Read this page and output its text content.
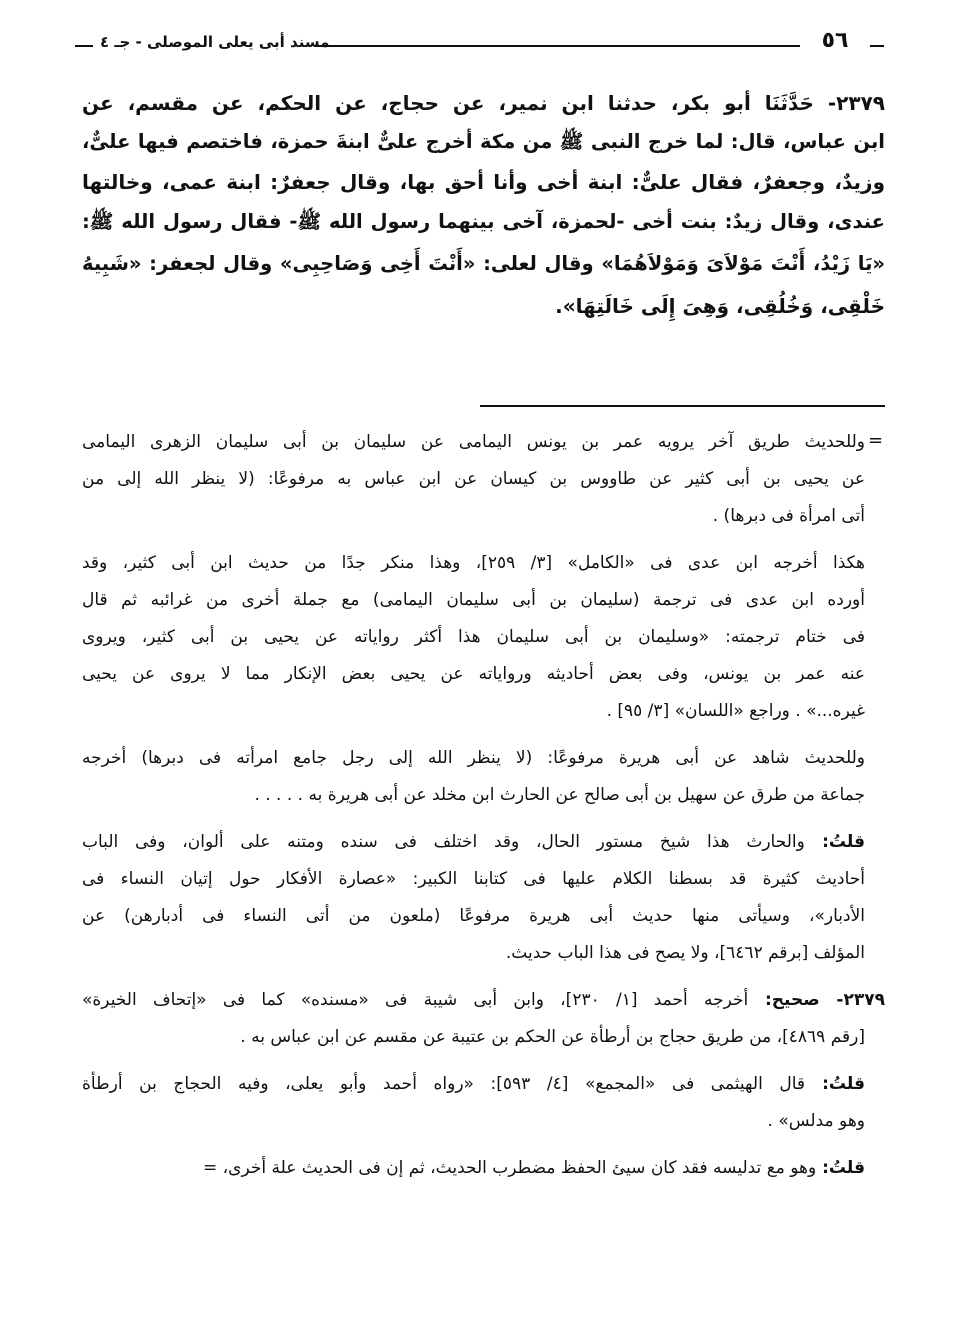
٥٦
مسند أبى يعلى الموصلى - جـ ٤
٢٣٧٩- حَدَّثَنَا أبو بكر، حدثنا ابن نمير، عن حجاج، عن الحكم، عن مقسم، عن
ابن عباس، قال: لما خرج النبى ﷺ من مكة أخرج علىٌّ ابنةَ حمزة، فاختصم فيها علىٌّ،
وزيدٌ، وجعفرٌ، فقال علىٌّ: ابنة أخى وأنا أحق بها، وقال جعفرٌ: ابنة عمى، وخالتها
عندى، وقال زيدٌ: بنت أخى -لحمزة، آخى بينهما رسول الله ﷺ- فقال رسول الله ﷺ:
«يَا زَيْدُ، أَنْتَ مَوْلاَىَ وَمَوْلاَهُمَا» وقال لعلى: «أَنْتَ أَخِى وَصَاحِبِى» وقال لجعفر: «شَبِيهُ
خَلْقِى، وَخُلُقِى، وَهِىَ إِلَى خَالَتِهَا».
وللحديث طريق آخر يرويه عمر بن يونس اليمامى عن سليمان بن أبى سليمان الزهرى اليمامى =
عن يحيى بن أبى كثير عن طاووس بن كيسان عن ابن عباس به مرفوعًا: (لا ينظر الله إلى من
أتى امرأة فى دبرها) .
هكذا أخرجه ابن عدى فى «الكامل» [٣/ ٢٥٩]، وهذا منكر جدًا من حديث ابن أبى كثير، وقد
أورده ابن عدى فى ترجمة (سليمان بن أبى سليمان اليمامى) مع جملة أخرى من غرائبه ثم قال
فى ختام ترجمته: «وسليمان بن أبى سليمان هذا أكثر رواياته عن يحيى بن أبى كثير، ويروى
عنه عمر بن يونس، وفى بعض أحاديثه ورواياته عن يحيى بعض الإنكار مما لا يروى عن يحيى
غيره...» . وراجع «اللسان» [٣/ ٩٥] .
وللحديث شاهد عن أبى هريرة مرفوعًا: (لا ينظر الله إلى رجل جامع امرأته فى دبرها) أخرجه
جماعة من طرق عن سهيل بن أبى صالح عن الحارث ابن مخلد عن أبى هريرة به . . . . .
قلتُ: والحارث هذا شيخ مستور الحال، وقد اختلف فى سنده ومتنه على ألوان، وفى الباب
أحاديث كثيرة قد بسطنا الكلام عليها فى كتابنا الكبير: «عصارة الأفكار حول إتيان النساء فى
الأدبار»، وسيأتى منها حديث أبى هريرة مرفوعًا (ملعون من أتى النساء فى أدبارهن) عن
المؤلف [برقم ٦٤٦٢]، ولا يصح فى هذا الباب حديث.
٢٣٧٩- صحيح: أخرجه أحمد [١/ ٢٣٠]، وابن أبى شيبة فى «مسنده» كما فى «إتحاف الخيرة»
[رقم ٤٨٦٩]، من طريق حجاج بن أرطأة عن الحكم بن عتيبة عن مقسم عن ابن عباس به .
قلتُ: قال الهيثمى فى «المجمع» [٤/ ٥٩٣]: «رواه أحمد وأبو يعلى، وفيه الحجاج بن أرطأة
وهو مدلس» .
قلتُ: وهو مع تدليسه فقد كان سيئ الحفظ مضطرب الحديث، ثم إن فى الحديث علة أخرى، =
